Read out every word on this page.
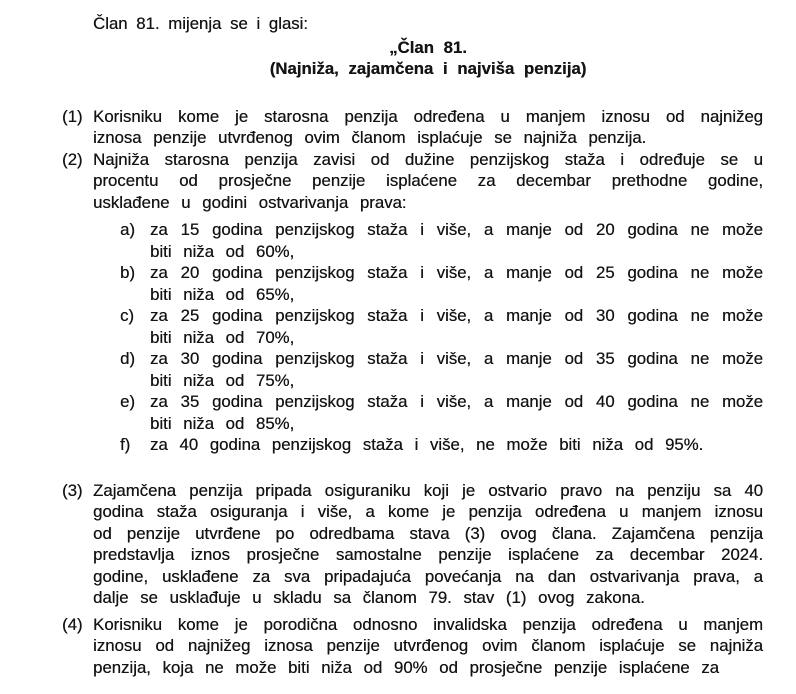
Član 81. mijenja se i glasi:

„Član 81.

(Najniža, zajamčena i najviša penzija)

(1) Korisniku kome je starosna penzija određena u manjem iznosu od najnižeg iznosa penzije utvrđenog ovim članom isplaćuje se najniža penzija.
(2) Najniža starosna penzija zavisi od dužine penzijskog staža i određuje se u procentu od prosječne penzije isplaćene za decembar prethodne godine, usklađene u godini ostvarivanja prava:
a) za 15 godina penzijskog staža i više, a manje od 20 godina ne može biti niža od 60%,
b) za 20 godina penzijskog staža i više, a manje od 25 godina ne može biti niža od 65%,
c) za 25 godina penzijskog staža i više, a manje od 30 godina ne može biti niža od 70%,
d) za 30 godina penzijskog staža i više, a manje od 35 godina ne može biti niža od 75%,
e) za 35 godina penzijskog staža i više, a manje od 40 godina ne može biti niža od 85%,
f) za 40 godina penzijskog staža i više, ne može biti niža od 95%.
(3) Zajamčena penzija pripada osiguraniku koji je ostvario pravo na penziju sa 40 godina staža osiguranja i više, a kome je penzija određena u manjem iznosu od penzije utvrđene po odredbama stava (3) ovog člana. Zajamčena penzija predstavlja iznos prosječne samostalne penzije isplaćene za decembar 2024. godine, usklađene za sva pripadajuća povećanja na dan ostvarivanja prava, a dalje se usklađuje u skladu sa članom 79. stav (1) ovog zakona.
(4) Korisniku kome je porodična odnosno invalidska penzija određena u manjem iznosu od najnižeg iznosa penzije utvrđenog ovim članom isplaćuje se najniža penzija, koja ne može biti niža od 90% od prosječne penzije isplaćene za
